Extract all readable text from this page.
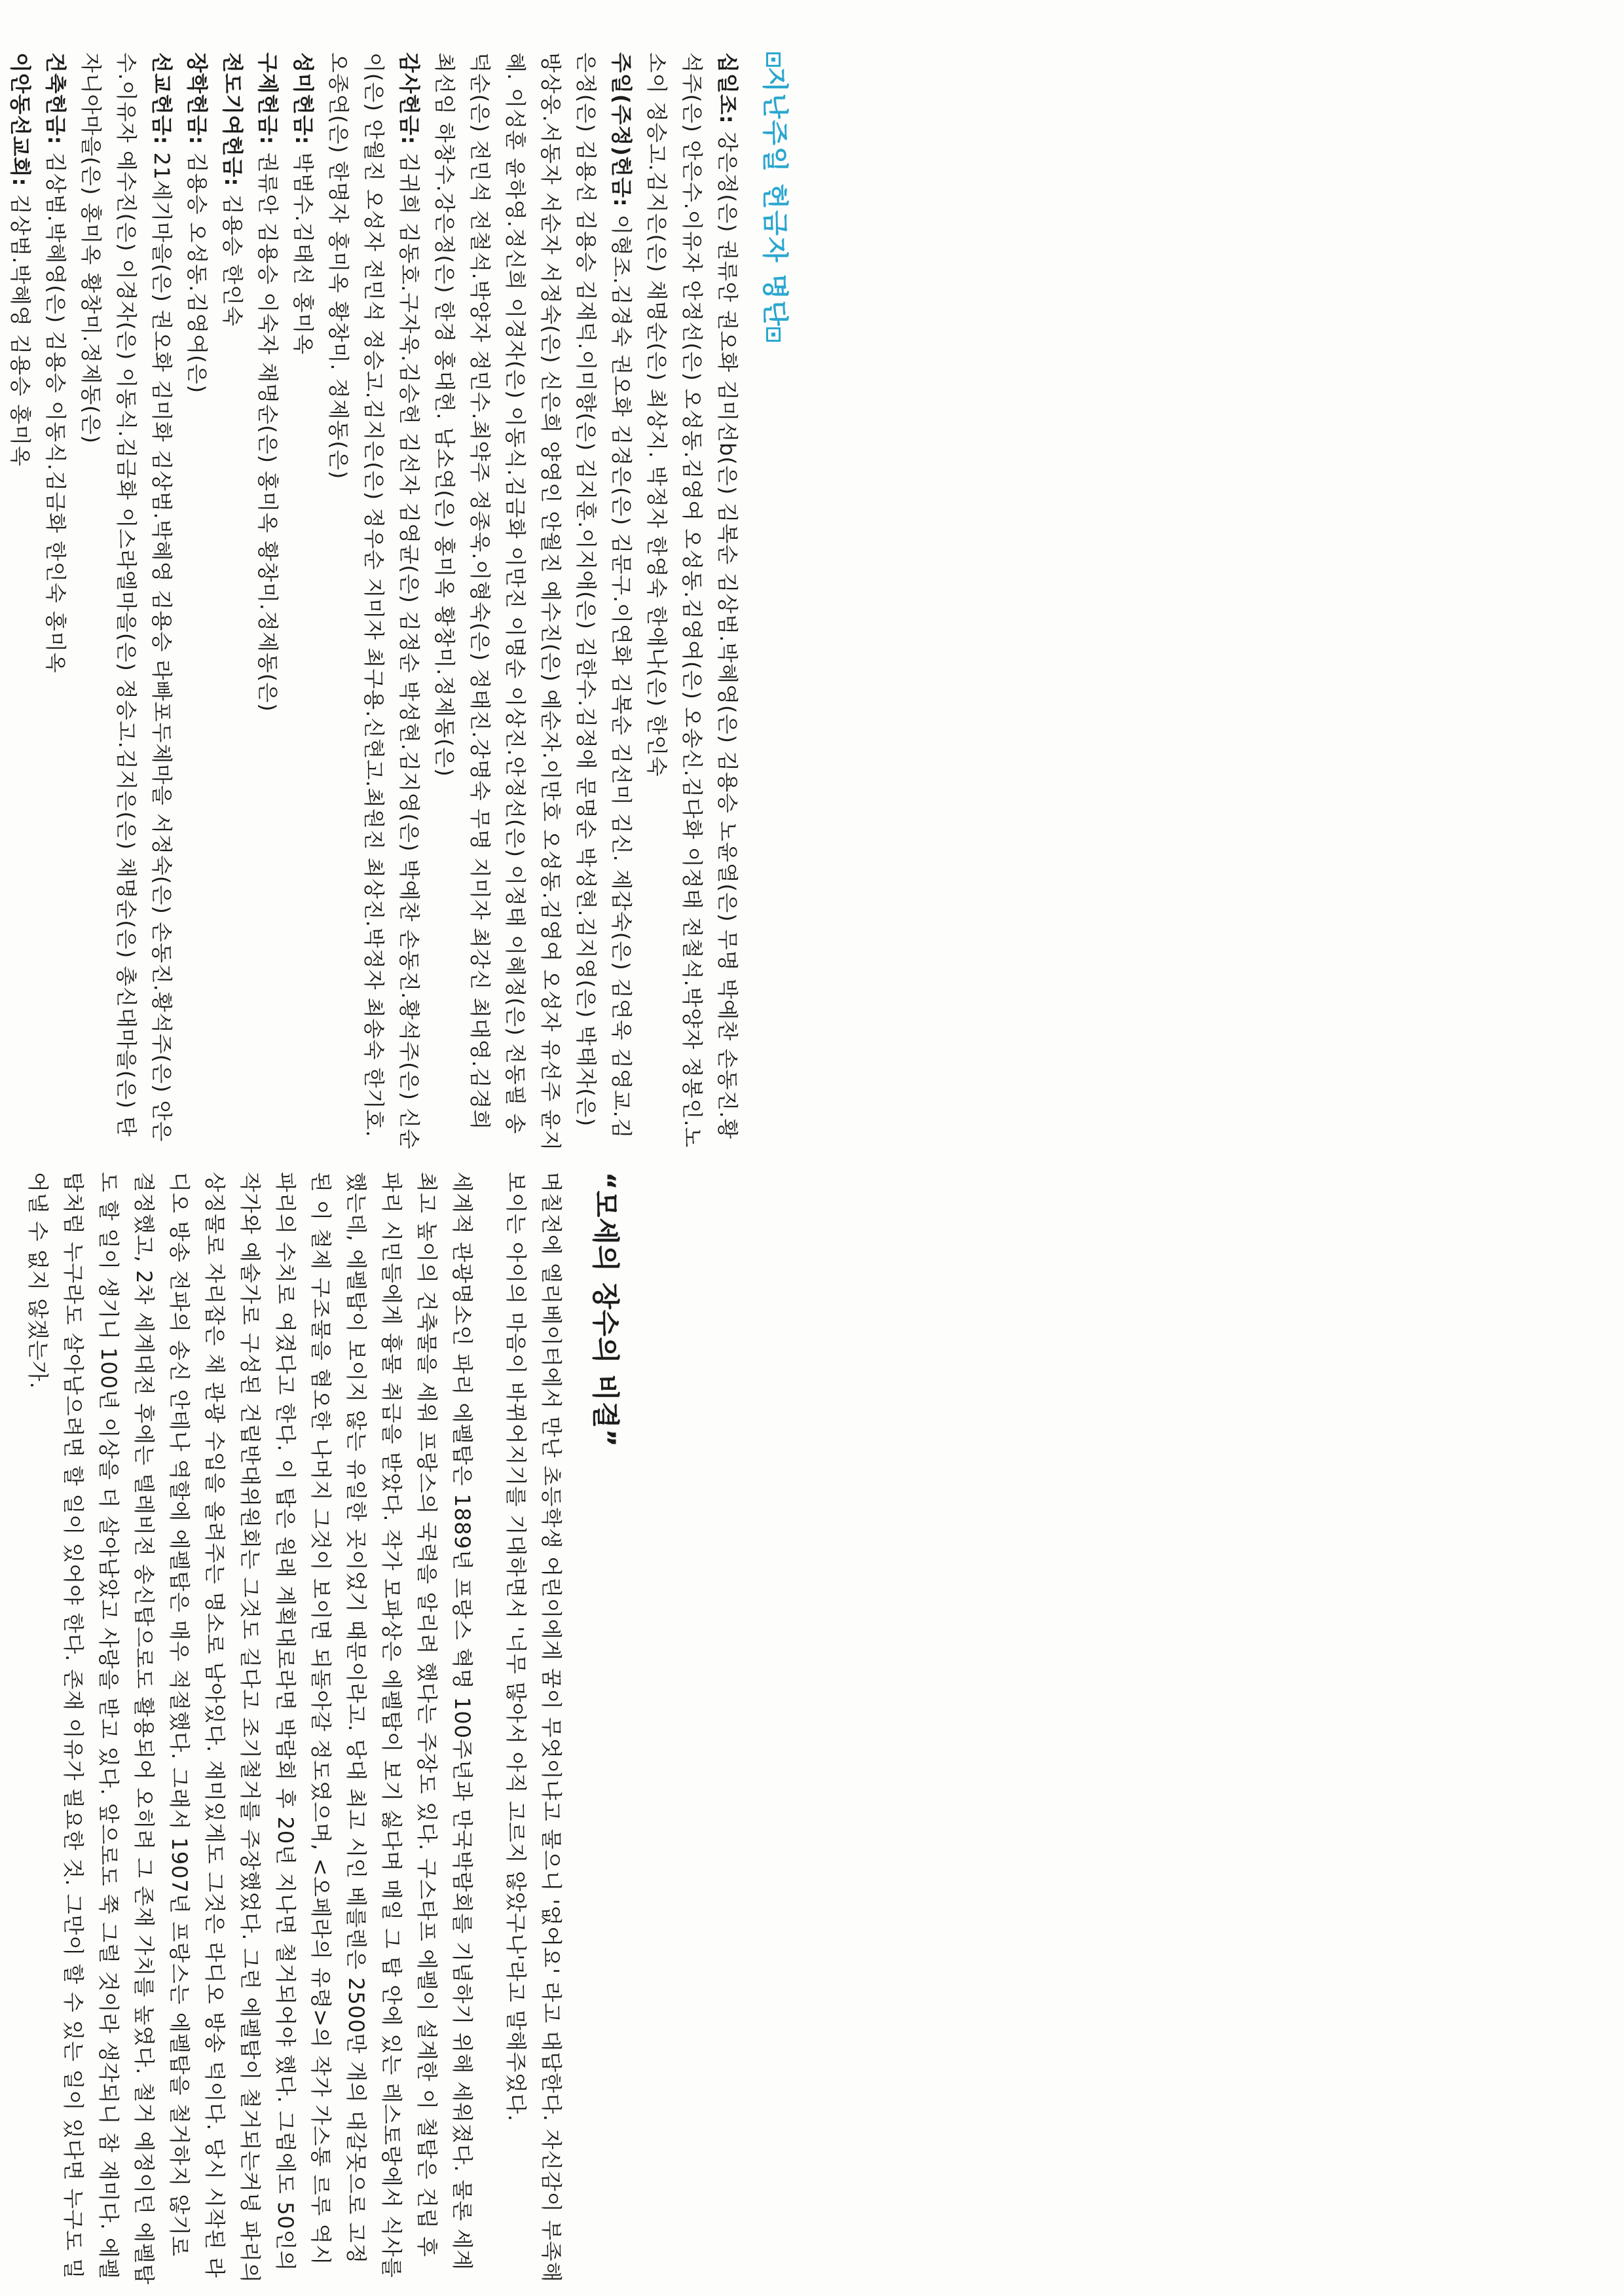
지난주일 헌금자 명단

십일조: 강은정(은) 권류안 권오화 김미선b(은) 김복순 김상범.박혜영(은) 김용승 노윤열(은) 무명 박예찬 손동진.황석주(은) 안은수.이유자 안정선(은) 오성동.김영여 오성동.김영여(은) 오송신.김다화 이정태 전철석.박양자 정봉인.노소이 정승고.김지은(은) 채명순(은) 최상지. 박정자 한영숙 한애나(은) 한인숙

주일(주정)헌금: 이형조.김경숙 권오화 김경은(은) 김문구.이연화 김복순 김선미 김신. 제갑숙(은) 김연욱 김영교.김은정(은) 김용선 김용승 김재덕.이미향(은) 김지훈.이지애(은) 김한수.김정애 문명순 박성현.김지영(은) 박태자(은) 방상웅.서동자 서순자 서정숙(은) 신은희 양영인 안월진 예수진(은) 예순자.이만호 오성동.김영여 오성자 유선주 윤지혜. 이성훈 윤하영.정신희 이경자(은) 이동식.김금화 이만진 이명순 이상진.안정선(은) 이정태 이혜정(은) 전동필 송덕순(은) 전민석 전철석.박양자 정민수.최약주 정종욱.이형숙(은) 정태진.강명숙 무명 지미자 최강신 최대영.김경희 최선임 하창수.강은정(은) 한경 홍대헌. 남소연(은) 홍미옥 황창미.정제동(은)

감사헌금: 김귀희 김동호.구자욱.김승헌 김선자 김영균(은) 김정순 박성현.김지영(은) 박예찬 손동진.황석주(은) 신순이(은) 안월진 오성자 전민석 정승고.김지은(은) 정우순 지미자 최구용.신현고.최원진 최상진.박정자 최송숙 한기호.오종연(은) 한명자 홍미옥 황창미. 정제동(은)

성미헌금: 박범수.김태선 홍미옥

구제헌금: 권류안 김용승 이숙자 채명순(은) 홍미옥 황창미.정제동(은)

전도기여헌금: 김용승 한인숙

장학헌금: 김용승 오성동.김영여(은)

선교헌금: 21세기마을(은) 권오화 김미화 김상범.박혜영 김용승 라빠포두체마을 서정숙(은) 손동진.황석주(은) 안은수.이유자 예수진(은) 이경자(은) 이동식.김금화 이스라엘마을(은) 정승고.김지은(은) 채명순(은) 총신대마을(은) 탄자니아마을(은) 홍미옥 황창미.정제동(은)

건축헌금: 김상범.박혜영(은) 김용승 이동식.김금화 한인숙 홍미옥

이안동선교회: 김상범.박혜영 김용승 홍미옥

“모세의 장수의 비결”

며칠전에 엘리베이터에서 만난 초등학생 어린이에게 꿈이 무엇이냐고 물으니 '없어요' 라고 대답한다. 자신감이 부족해 보이는 아이의 마음이 바뀌어지기를 기대하면서 '너무 많아서 아직 고르지 않았구나'라고 말해주었다.

세계적 관광명소인 파리 에펠탑은 1889년 프랑스 혁명 100주년과 만국박람회를 기념하기 위해 세워졌다. 물론 세계 최고 높이의 건축물을 세워 프랑스의 국력을 알리려 했다는 주장도 있다. 구스타프 에펠이 설계한 이 철탑은 건립 후 파리 시민들에게 흉물 취급을 받았다. 작가 모파상은 에펠탑이 보기 싫다며 매일 그 탑 안에 있는 레스토랑에서 식사를 했는데, 에펠탑이 보이지 않는 유일한 곳이었기 때문이라고. 당대 최고 시인 베를렌은 2500만 개의 대갈못으로 고정된 이 철제 구조물을 혐오한 나머지 그것이 보이면 되돌아갈 정도였으며, <오페라의 유령>의 작가 가스통 르루 역시 파리의 수치로 여겼다고 한다. 이 탑은 원래 계획대로라면 박람회 후 20년 지나면 철거되어야 했다. 그럼에도 50인의 작가와 예술가로 구성된 건립반대위원회는 그것도 길다고 조기철거를 주장했었다. 그런 에펠탑이 철거되는커녕 파리의 상징물로 자리잡은 채 관광 수입을 올려주는 명소로 남아있다. 재미있게도 그것은 라디오 방송 덕이다. 당시 시작된 라디오 방송 전파의 송신 안테나 역할에 에펠탑은 매우 적절했다. 그래서 1907년 프랑스는 에펠탑을 철거하지 않기로 결정했고, 2차 세계대전 후에는 텔레비전 송신탑으로도 활용되어 오히려 그 존재 가치를 높였다. 철거 예정이던 에펠탑도 할 일이 생기니 100년 이상을 더 살아남았고 사랑을 받고 있다. 앞으로도 쭉 그럴 것이라 생각되니 참 재미다. 에펠탑처럼 누구라도 살아남으려면 할 일이 있어야 한다. 존재 이유가 필요한 것. 그만이 할 수 있는 일이 있다면 누구도 밀어낼 수 없지 않겠는가.
